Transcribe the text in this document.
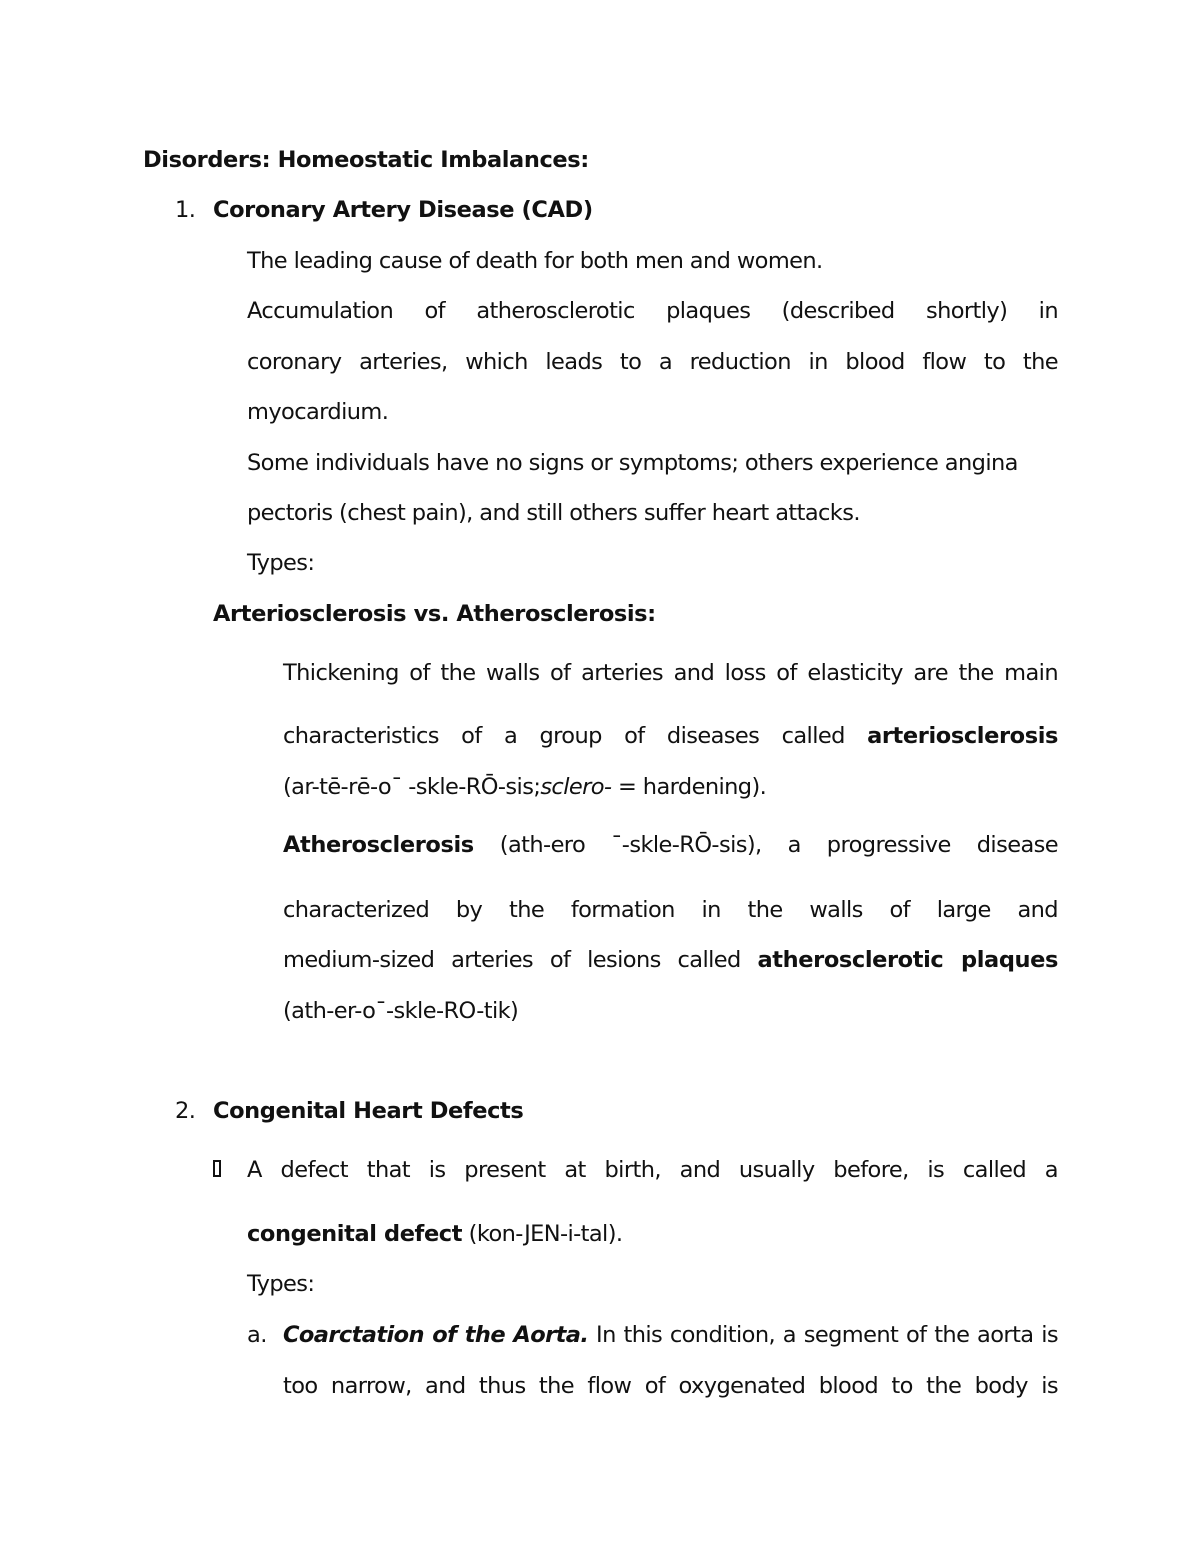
Disorders: Homeostatic Imbalances:
1. Coronary Artery Disease (CAD)
The leading cause of death for both men and women.
Accumulation of atherosclerotic plaques (described shortly) in
coronary arteries, which leads to a reduction in blood flow to the
myocardium.
Some individuals have no signs or symptoms; others experience angina
pectoris (chest pain), and still others suffer heart attacks.
Types:
Arteriosclerosis vs. Atherosclerosis:
Thickening of the walls of arteries and loss of elasticity are the main
characteristics of a group of diseases called arteriosclerosis
(ar-tē-rē-o¯ -skle-RŌ-sis;sclero- = hardening).
Atherosclerosis (ath-ero ¯-skle-RŌ-sis), a progressive disease
characterized by the formation in the walls of large and
medium-sized arteries of lesions called atherosclerotic plaques
(ath-er-o¯-skle-RO-tik)
2. Congenital Heart Defects
A defect that is present at birth, and usually before, is called a
congenital defect (kon-JEN-i-tal).
Types:
a. Coarctation of the Aorta. In this condition, a segment of the aorta is
too narrow, and thus the flow of oxygenated blood to the body is
